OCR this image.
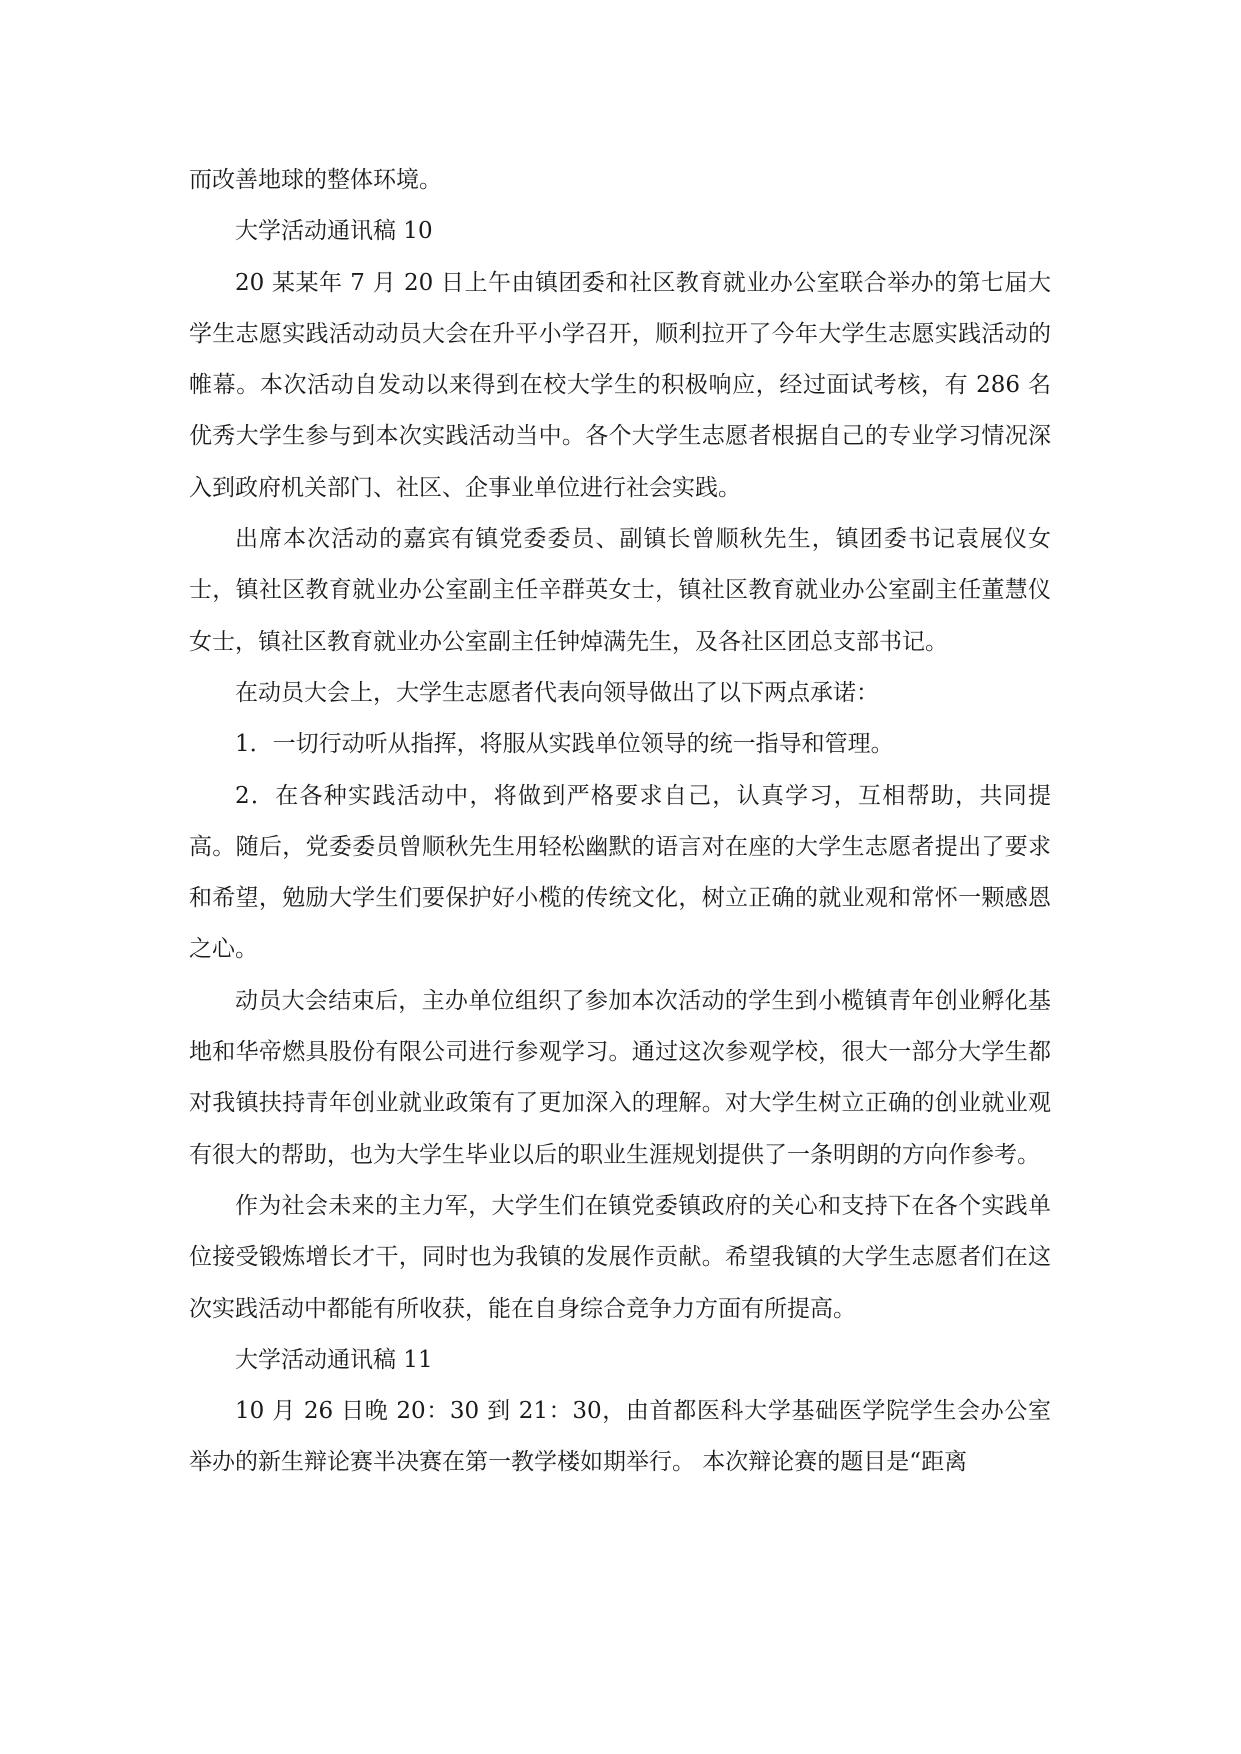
而改善地球的整体环境。

大学活动通讯稿 10

20 某某年 7 月 20 日上午由镇团委和社区教育就业办公室联合举办的第七届大学生志愿实践活动动员大会在升平小学召开，顺利拉开了今年大学生志愿实践活动的帷幕。本次活动自发动以来得到在校大学生的积极响应，经过面试考核，有 286 名优秀大学生参与到本次实践活动当中。各个大学生志愿者根据自己的专业学习情况深入到政府机关部门、社区、企事业单位进行社会实践。

出席本次活动的嘉宾有镇党委委员、副镇长曾顺秋先生，镇团委书记袁展仪女士，镇社区教育就业办公室副主任辛群英女士，镇社区教育就业办公室副主任董慧仪女士，镇社区教育就业办公室副主任钟焯满先生，及各社区团总支部书记。

在动员大会上，大学生志愿者代表向领导做出了以下两点承诺：

1．一切行动听从指挥，将服从实践单位领导的统一指导和管理。

2．在各种实践活动中，将做到严格要求自己，认真学习，互相帮助，共同提高。随后，党委委员曾顺秋先生用轻松幽默的语言对在座的大学生志愿者提出了要求和希望，勉励大学生们要保护好小榄的传统文化，树立正确的就业观和常怀一颗感恩之心。

动员大会结束后，主办单位组织了参加本次活动的学生到小榄镇青年创业孵化基地和华帝燃具股份有限公司进行参观学习。通过这次参观学校，很大一部分大学生都对我镇扶持青年创业就业政策有了更加深入的理解。对大学生树立正确的创业就业观有很大的帮助，也为大学生毕业以后的职业生涯规划提供了一条明朗的方向作参考。

作为社会未来的主力军，大学生们在镇党委镇政府的关心和支持下在各个实践单位接受锻炼增长才干，同时也为我镇的发展作贡献。希望我镇的大学生志愿者们在这次实践活动中都能有所收获，能在自身综合竞争力方面有所提高。

大学活动通讯稿 11

10 月 26 日晚 20：30 到 21：30，由首都医科大学基础医学院学生会办公室举办的新生辩论赛半决赛在第一教学楼如期举行。 本次辩论赛的题目是“距离
